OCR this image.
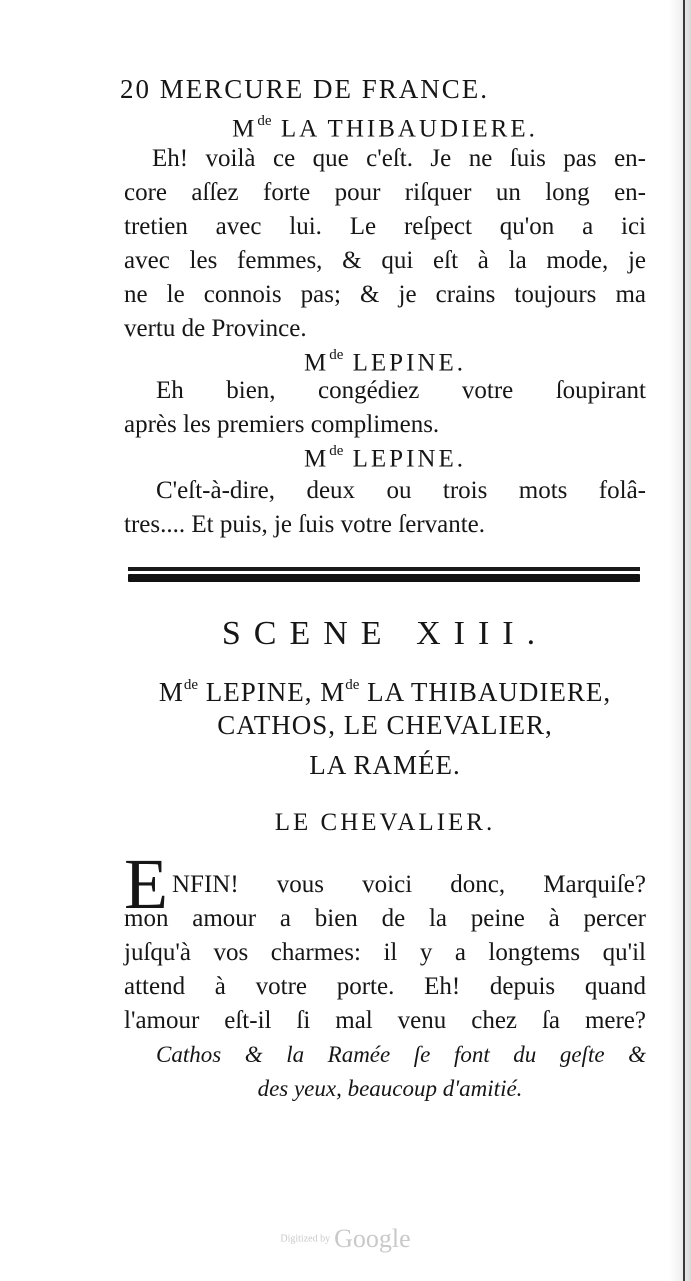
20 MERCURE DE FRANCE.
Mde LA THIBAUDIERE.
Eh! voilà ce que c'eſt. Je ne ſuis pas en-
core aſſez forte pour riſquer un long en-
tretien avec lui. Le reſpect qu'on a ici
avec les femmes, & qui eſt à la mode, je
ne le connois pas; & je crains toujours ma
vertu de Province.
Mde LEPINE.
Eh bien, congédiez votre ſoupirant
après les premiers complimens.
Mde LEPINE.
C'eſt-à-dire, deux ou trois mots folâ-
tres.... Et puis, je ſuis votre ſervante.
SCENE XIII.
Mde LEPINE, Mde LA THIBAUDIERE,
CATHOS, LE CHEVALIER,
LA RAMÉE.
LE CHEVALIER.
E NFIN! vous voici donc, Marquiſe?
mon amour a bien de la peine à percer
juſqu'à vos charmes: il y a longtems qu'il
attend à votre porte. Eh! depuis quand
l'amour eſt-il ſi mal venu chez ſa mere?
Cathos & la Ramée ſe font du geſte &
des yeux, beaucoup d'amitié.
Digitized by Google
